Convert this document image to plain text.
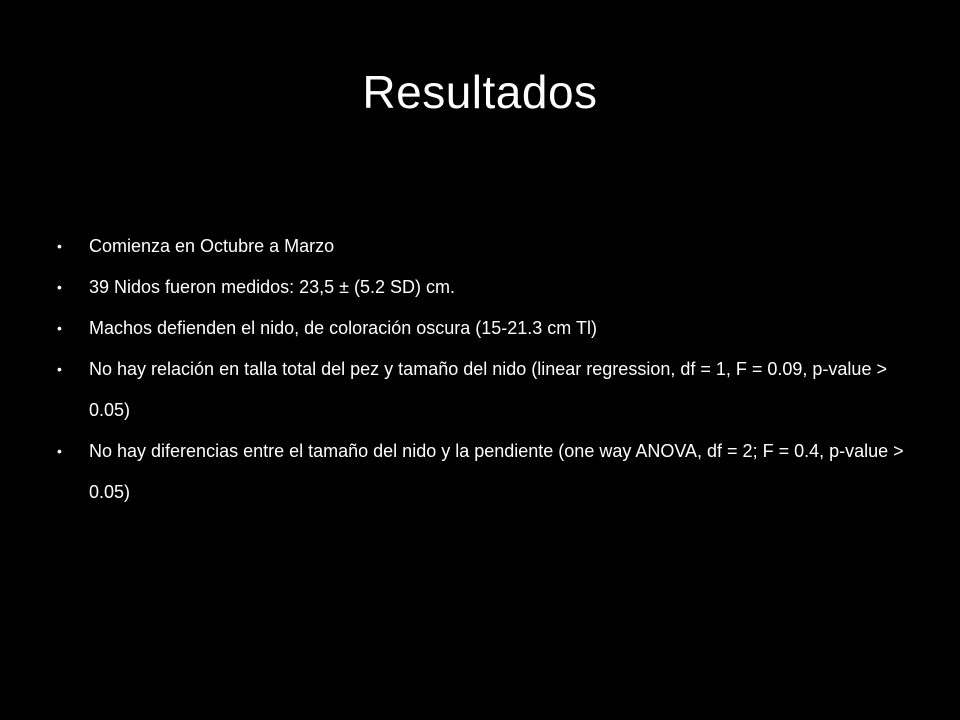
Resultados
•	Comienza en Octubre a Marzo
•	39 Nidos fueron medidos: 23,5 ± (5.2 SD) cm.
•	Machos defienden el nido, de coloración oscura (15-21.3 cm Tl)
•	No hay relación en talla total del pez y tamaño del nido (linear regression, df = 1, F = 0.09, p-value > 0.05)
•	No hay diferencias entre el tamaño del nido y la pendiente (one way ANOVA, df = 2; F = 0.4, p-value > 0.05)
